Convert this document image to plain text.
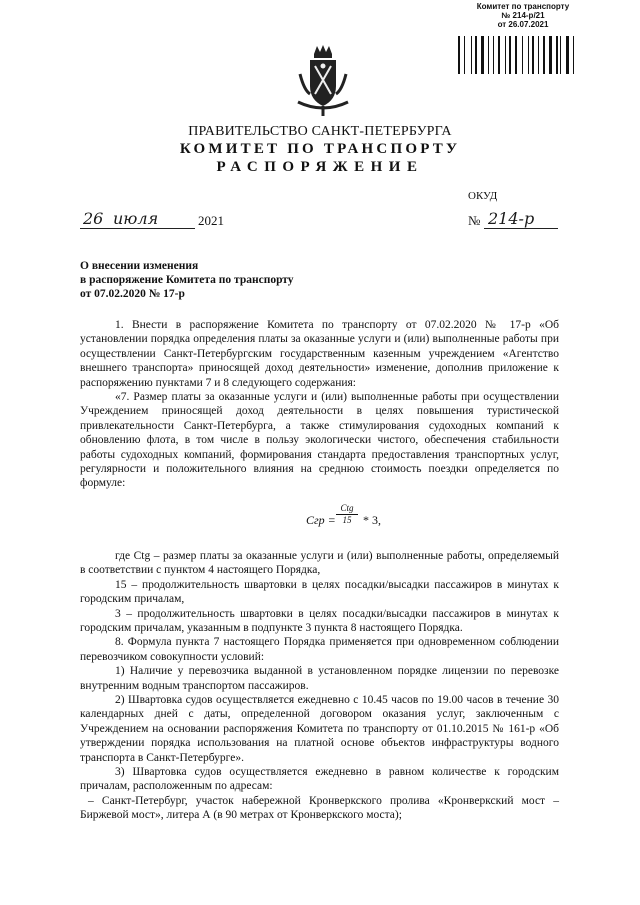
Комитет по транспорту
№ 214-р/21
от 26.07.2021
ПРАВИТЕЛЬСТВО САНКТ-ПЕТЕРБУРГА
КОМИТЕТ ПО ТРАНСПОРТУ
РАСПОРЯЖЕНИЕ
ОКУД
26 июля	2021	№ 214-р
О внесении изменения
в распоряжение Комитета по транспорту
от 07.02.2020 № 17-р

1. Внести в распоряжение Комитета по транспорту от 07.02.2020 № 17-р «Об установлении порядка определения платы за оказанные услуги и (или) выполненные работы при осуществлении Санкт-Петербургским государственным казенным учреждением «Агентство внешнего транспорта» приносящей доход деятельности» изменение, дополнив приложение к распоряжению пунктами 7 и 8 следующего содержания:

«7. Размер платы за оказанные услуги и (или) выполненные работы при осуществлении Учреждением приносящей доход деятельности в целях повышения туристической привлекательности Санкт-Петербурга, а также стимулирования судоходных компаний к обновлению флота, в том числе в пользу экологически чистого, обеспечения стабильности работы судоходных компаний, формирования стандарта предоставления транспортных услуг, регулярности и положительного влияния на среднюю стоимость поездки определяется по формуле:

Cгр =
Ctg
15 * 3,

где Ctg – размер платы за оказанные услуги и (или) выполненные работы, определяемый в соответствии с пунктом 4 настоящего Порядка,

15 – продолжительность швартовки в целях посадки/высадки пассажиров в минутах к городским причалам,

3 – продолжительность швартовки в целях посадки/высадки пассажиров в минутах к городским причалам, указанным в подпункте 3 пункта 8 настоящего Порядка.

8. Формула пункта 7 настоящего Порядка применяется при одновременном соблюдении перевозчиком совокупности условий:

1) Наличие у перевозчика выданной в установленном порядке лицензии по перевозке внутренним водным транспортом пассажиров.

2) Швартовка судов осуществляется ежедневно с 10.45 часов по 19.00 часов в течение 30 календарных дней с даты, определенной договором оказания услуг, заключенным с Учреждением на основании распоряжения Комитета по транспорту от 01.10.2015 № 161-р «Об утверждении порядка использования на платной основе объектов инфраструктуры водного транспорта в Санкт-Петербурге».

3) Швартовка судов осуществляется ежедневно в равном количестве к городским причалам, расположенным по адресам:

– Санкт-Петербург, участок набережной Кронверкского пролива «Кронверкский мост – Биржевой мост», литера А (в 90 метрах от Кронверкского моста);
